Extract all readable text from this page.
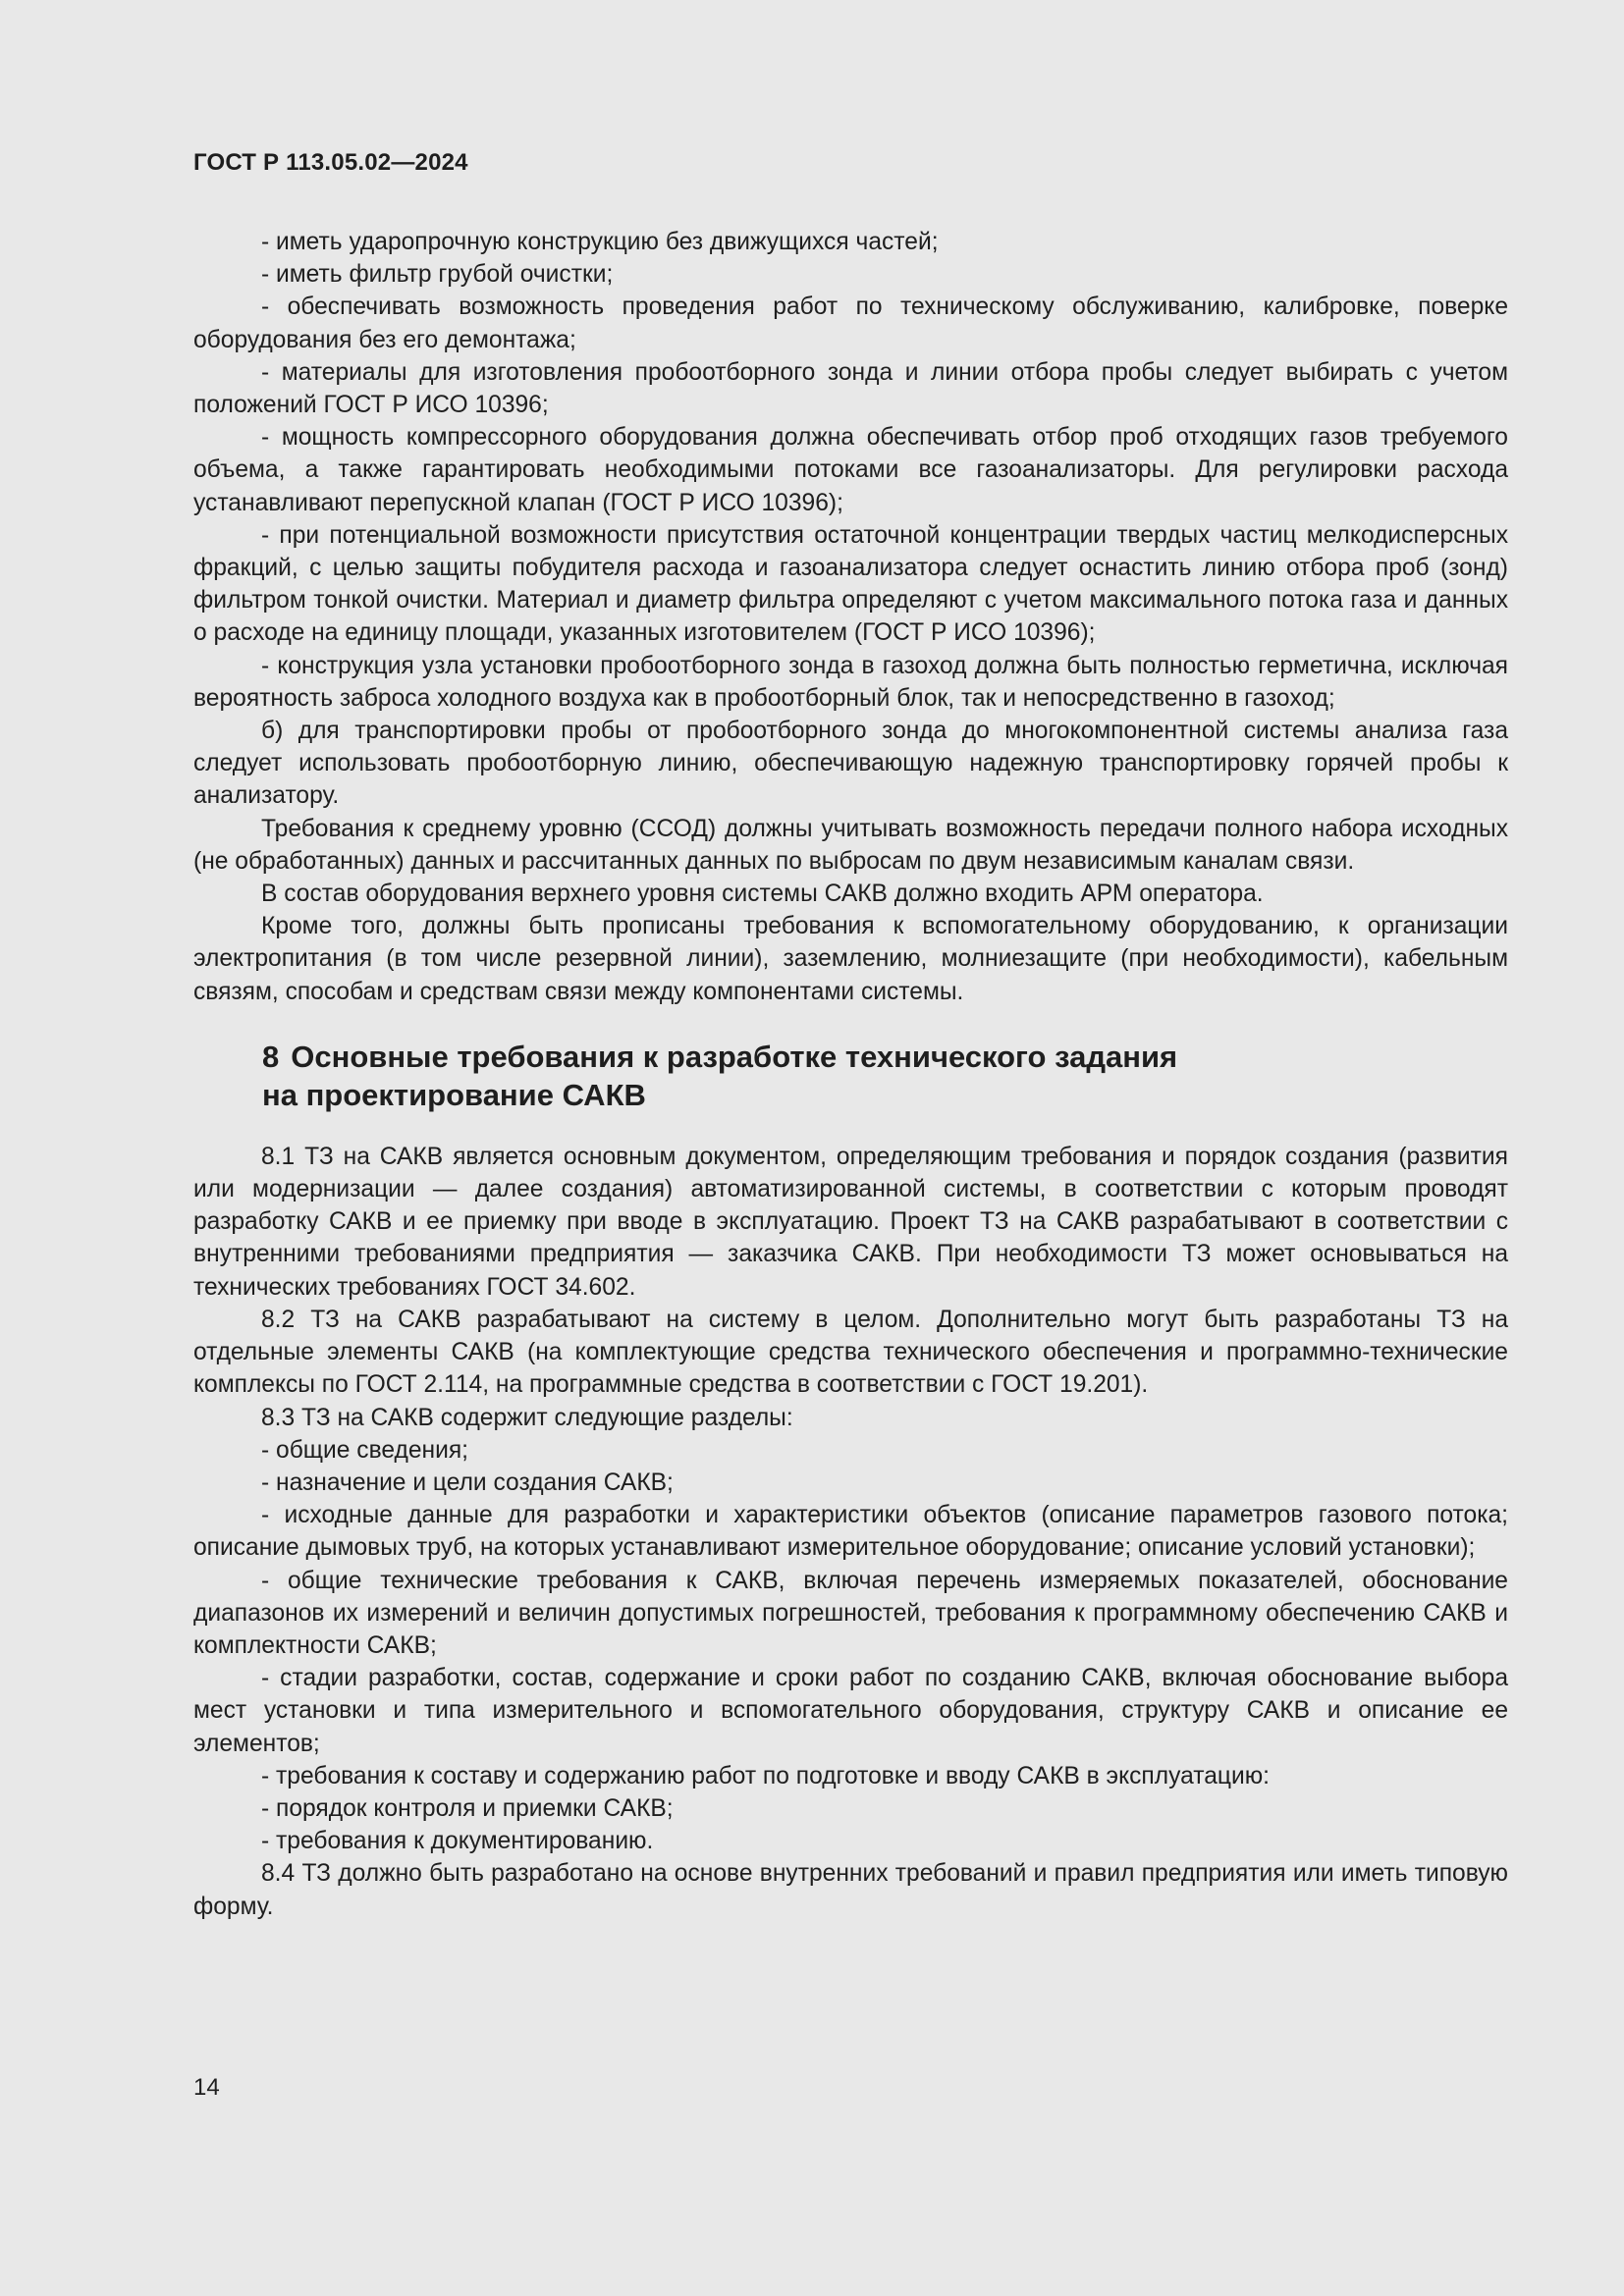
ГОСТ Р 113.05.02—2024

- иметь ударопрочную конструкцию без движущихся частей;

- иметь фильтр грубой очистки;

- обеспечивать возможность проведения работ по техническому обслуживанию, калибровке, поверке оборудования без его демонтажа;

- материалы для изготовления пробоотборного зонда и линии отбора пробы следует выбирать с учетом положений ГОСТ Р ИСО 10396;

- мощность компрессорного оборудования должна обеспечивать отбор проб отходящих газов требуемого объема, а также гарантировать необходимыми потоками все газоанализаторы. Для регулировки расхода устанавливают перепускной клапан (ГОСТ Р ИСО 10396);

- при потенциальной возможности присутствия остаточной концентрации твердых частиц мелкодисперсных фракций, с целью защиты побудителя расхода и газоанализатора следует оснастить линию отбора проб (зонд) фильтром тонкой очистки. Материал и диаметр фильтра определяют с учетом максимального потока газа и данных о расходе на единицу площади, указанных изготовителем (ГОСТ Р ИСО 10396);

- конструкция узла установки пробоотборного зонда в газоход должна быть полностью герметична, исключая вероятность заброса холодного воздуха как в пробоотборный блок, так и непосредственно в газоход;

б) для транспортировки пробы от пробоотборного зонда до многокомпонентной системы анализа газа следует использовать пробоотборную линию, обеспечивающую надежную транспортировку горячей пробы к анализатору.

Требования к среднему уровню (ССОД) должны учитывать возможность передачи полного набора исходных (не обработанных) данных и рассчитанных данных по выбросам по двум независимым каналам связи.

В состав оборудования верхнего уровня системы САКВ должно входить АРМ оператора.

Кроме того, должны быть прописаны требования к вспомогательному оборудованию, к организации электропитания (в том числе резервной линии), заземлению, молниезащите (при необходимости), кабельным связям, способам и средствам связи между компонентами системы.

8 Основные требования к разработке технического задания
на проектирование САКВ

8.1 ТЗ на САКВ является основным документом, определяющим требования и порядок создания (развития или модернизации — далее создания) автоматизированной системы, в соответствии с которым проводят разработку САКВ и ее приемку при вводе в эксплуатацию. Проект ТЗ на САКВ разрабатывают в соответствии с внутренними требованиями предприятия — заказчика САКВ. При необходимости ТЗ может основываться на технических требованиях ГОСТ 34.602.

8.2 ТЗ на САКВ разрабатывают на систему в целом. Дополнительно могут быть разработаны ТЗ на отдельные элементы САКВ (на комплектующие средства технического обеспечения и программно-технические комплексы по ГОСТ 2.114, на программные средства в соответствии с ГОСТ 19.201).

8.3 ТЗ на САКВ содержит следующие разделы:

- общие сведения;

- назначение и цели создания САКВ;

- исходные данные для разработки и характеристики объектов (описание параметров газового потока; описание дымовых труб, на которых устанавливают измерительное оборудование; описание условий установки);

- общие технические требования к САКВ, включая перечень измеряемых показателей, обоснование диапазонов их измерений и величин допустимых погрешностей, требования к программному обеспечению САКВ и комплектности САКВ;

- стадии разработки, состав, содержание и сроки работ по созданию САКВ, включая обоснование выбора мест установки и типа измерительного и вспомогательного оборудования, структуру САКВ и описание ее элементов;

- требования к составу и содержанию работ по подготовке и вводу САКВ в эксплуатацию:

- порядок контроля и приемки САКВ;

- требования к документированию.

8.4 ТЗ должно быть разработано на основе внутренних требований и правил предприятия или иметь типовую форму.

14
